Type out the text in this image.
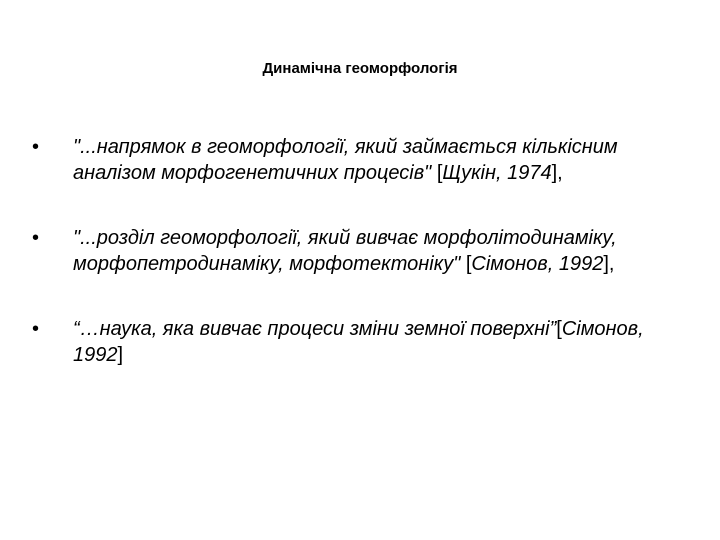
Динамічна геоморфологія
• "...напрямок в геоморфології, який займається кількісним аналізом морфогенетичних процесів" [Щукін, 1974],
• "...розділ геоморфології, який вивчає морфолітодинаміку, морфопетродинаміку, морфотектоніку" [Сімонов, 1992],
• “…наука, яка вивчає процеси зміни земної поверхні”[Сімонов, 1992]
